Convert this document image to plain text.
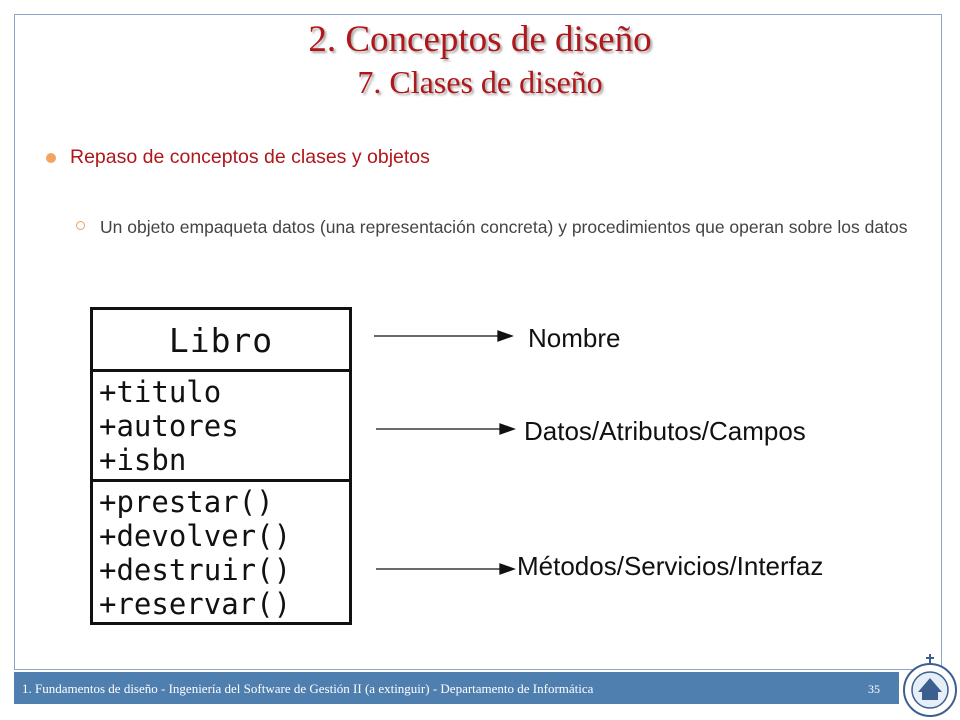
2. Conceptos de diseño
7. Clases de diseño
Repaso de conceptos de clases y objetos
Un objeto empaqueta datos (una representación concreta) y procedimientos que operan sobre los datos
Libro
+titulo
+autores
+isbn
+prestar()
+devolver()
+destruir()
+reservar()
Nombre
Datos/Atributos/Campos
Métodos/Servicios/Interfaz
1. Fundamentos de diseño - Ingeniería del Software de Gestión II (a extinguir) - Departamento de Informática	35
